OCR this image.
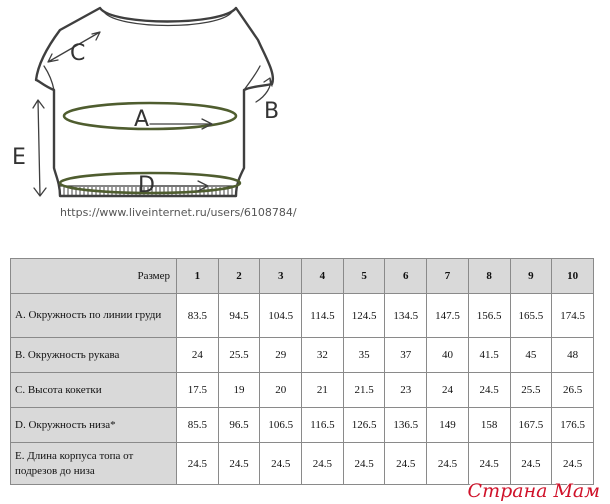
A	B
C
D
E
https://www.liveinternet.ru/users/6108784/
Размер	1	2	3	4	5	6	7	8	9	10
A. Окружность по линии груди	83.5	94.5	104.5	114.5	124.5	134.5	147.5	156.5	165.5	174.5
B. Окружность рукава	24	25.5	29	32	35	37	40	41.5	45	48
C. Высота кокетки	17.5	19	20	21	21.5	23	24	24.5	25.5	26.5
D. Окружность низа*	85.5	96.5	106.5	116.5	126.5	136.5	149	158	167.5	176.5
E. Длина корпуса топа от подрезов до низа	24.5	24.5	24.5	24.5	24.5	24.5	24.5	24.5	24.5	24.5
Страна Мам
